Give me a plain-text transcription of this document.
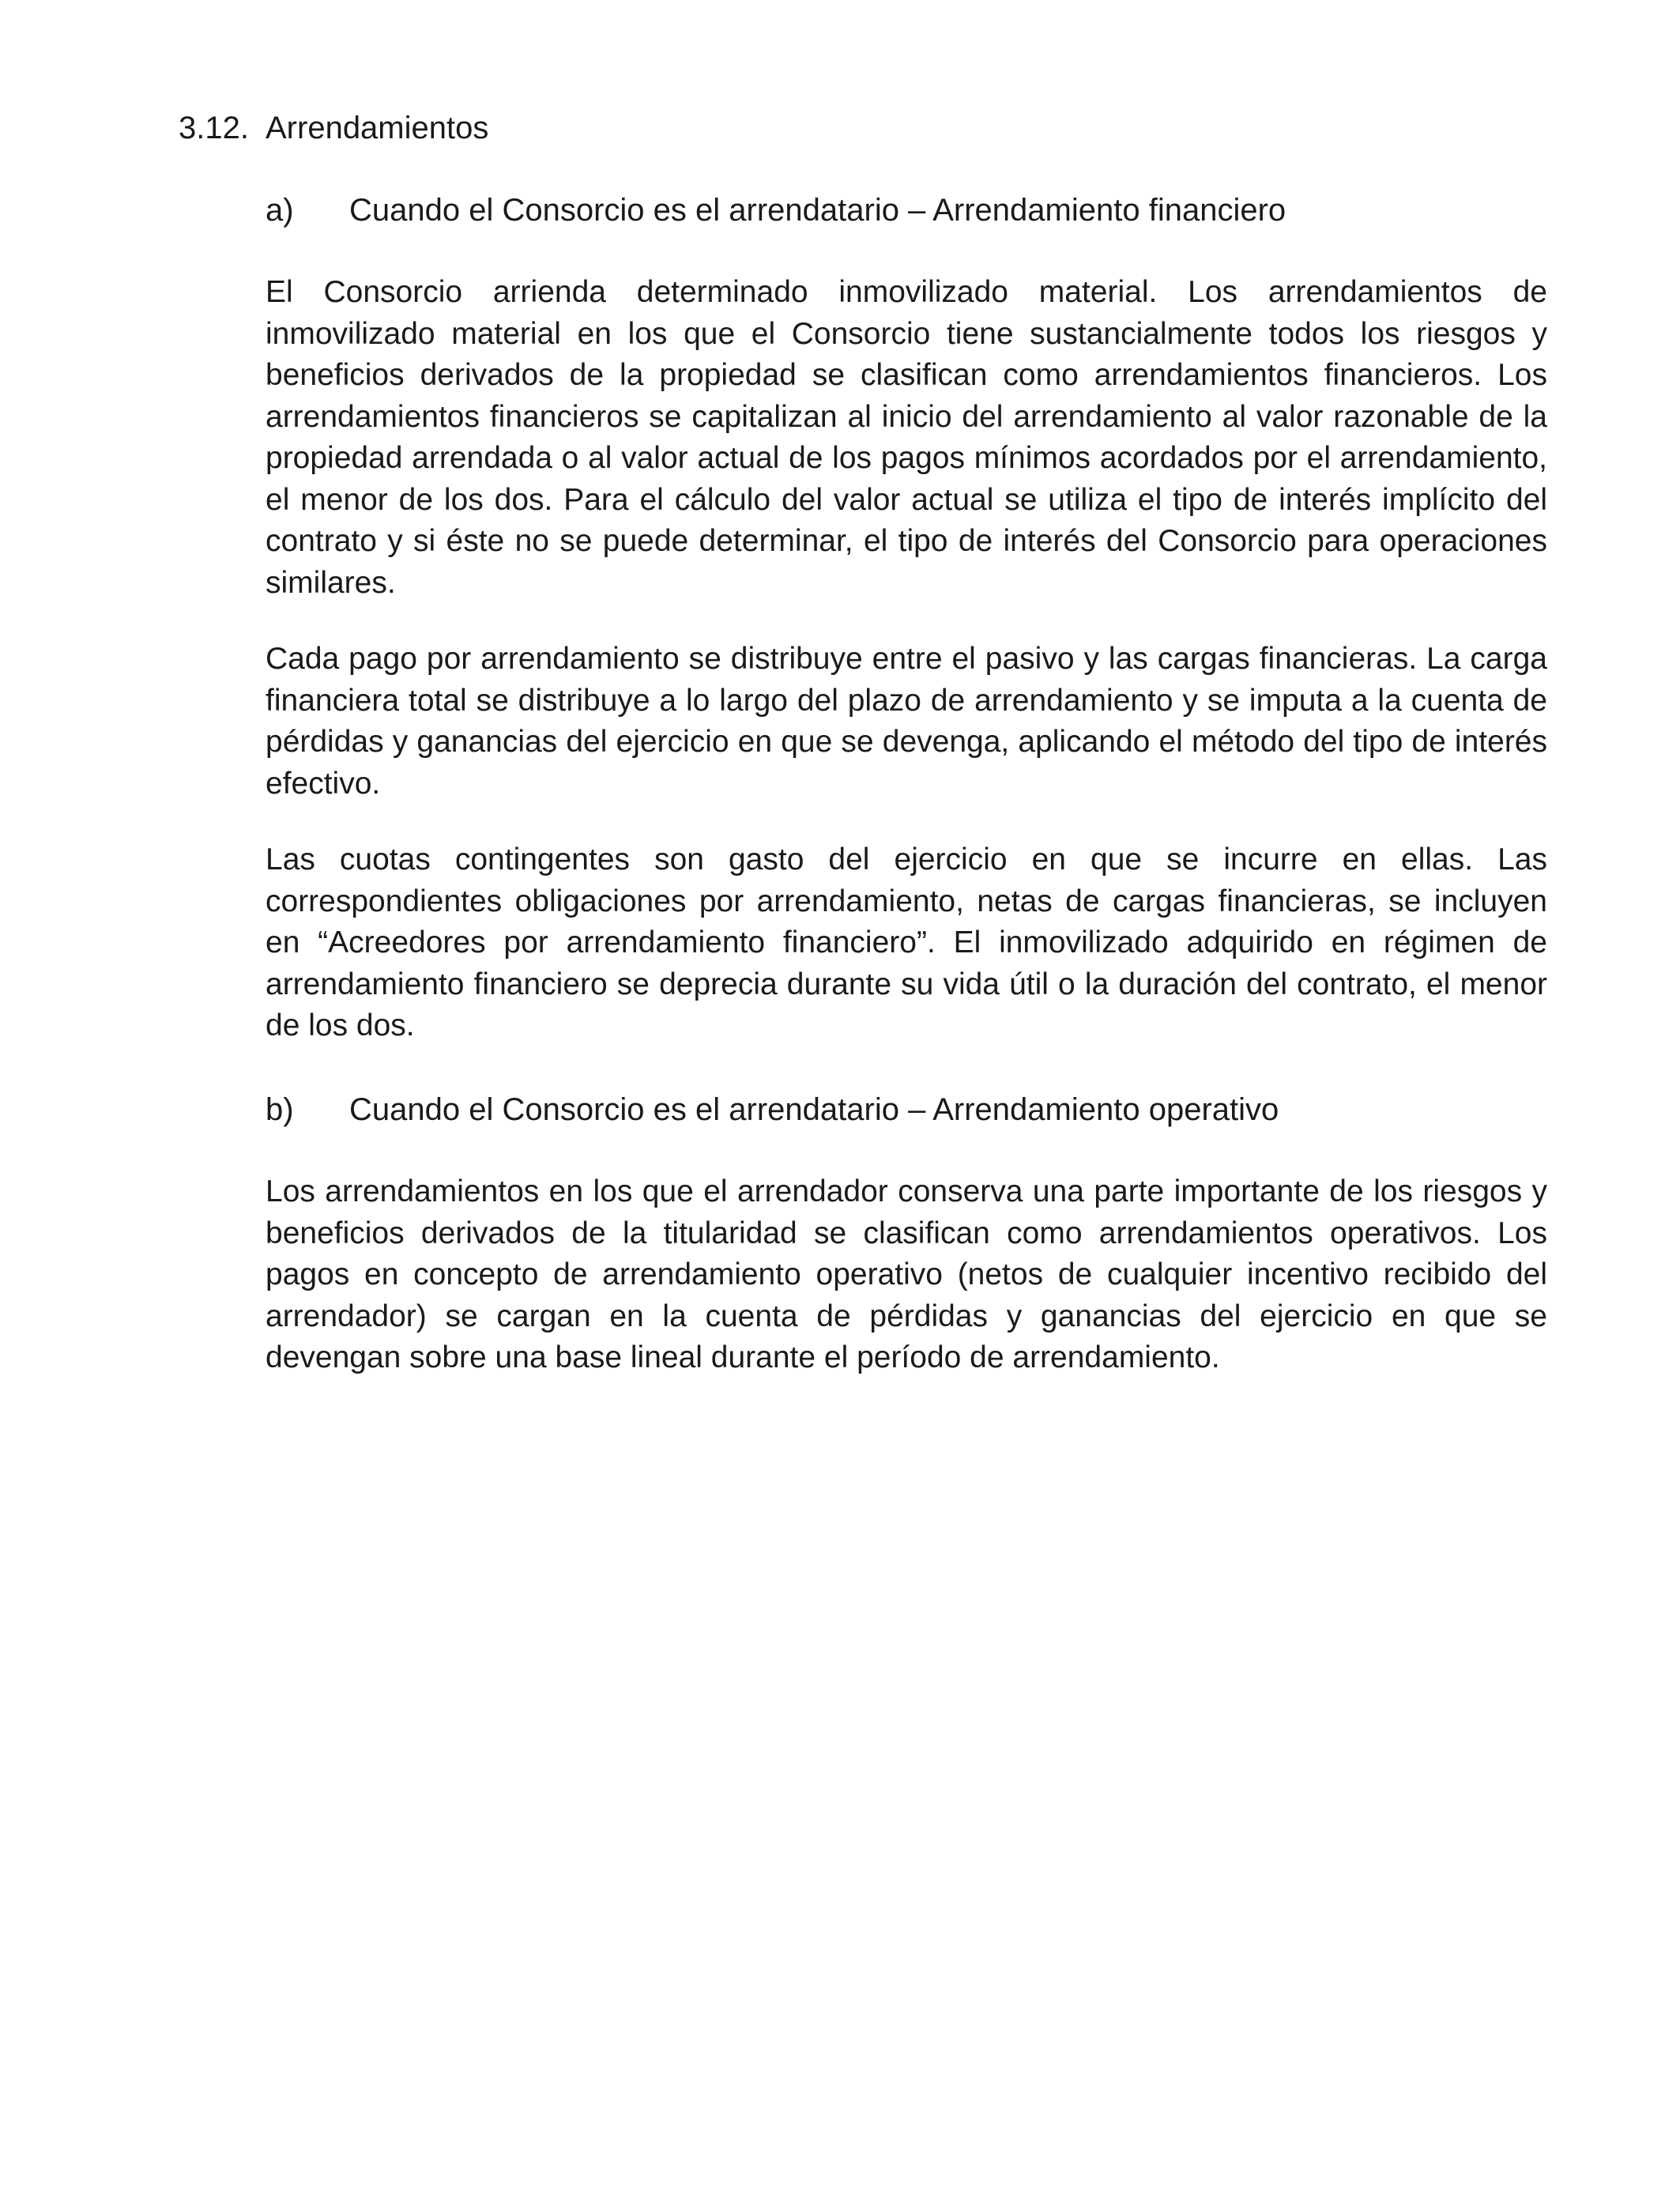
3.12. Arrendamientos
a) Cuando el Consorcio es el arrendatario – Arrendamiento financiero

El Consorcio arrienda determinado inmovilizado material. Los arrendamientos de inmovilizado material en los que el Consorcio tiene sustancialmente todos los riesgos y beneficios derivados de la propiedad se clasifican como arrendamientos financieros. Los arrendamientos financieros se capitalizan al inicio del arrendamiento al valor razonable de la propiedad arrendada o al valor actual de los pagos mínimos acordados por el arrendamiento, el menor de los dos. Para el cálculo del valor actual se utiliza el tipo de interés implícito del contrato y si éste no se puede determinar, el tipo de interés del Consorcio para operaciones similares.

Cada pago por arrendamiento se distribuye entre el pasivo y las cargas financieras. La carga financiera total se distribuye a lo largo del plazo de arrendamiento y se imputa a la cuenta de pérdidas y ganancias del ejercicio en que se devenga, aplicando el método del tipo de interés efectivo.

Las cuotas contingentes son gasto del ejercicio en que se incurre en ellas. Las correspondientes obligaciones por arrendamiento, netas de cargas financieras, se incluyen en “Acreedores por arrendamiento financiero”. El inmovilizado adquirido en régimen de arrendamiento financiero se deprecia durante su vida útil o la duración del contrato, el menor de los dos.

b) Cuando el Consorcio es el arrendatario – Arrendamiento operativo

Los arrendamientos en los que el arrendador conserva una parte importante de los riesgos y beneficios derivados de la titularidad se clasifican como arrendamientos operativos. Los pagos en concepto de arrendamiento operativo (netos de cualquier incentivo recibido del arrendador) se cargan en la cuenta de pérdidas y ganancias del ejercicio en que se devengan sobre una base lineal durante el período de arrendamiento.
